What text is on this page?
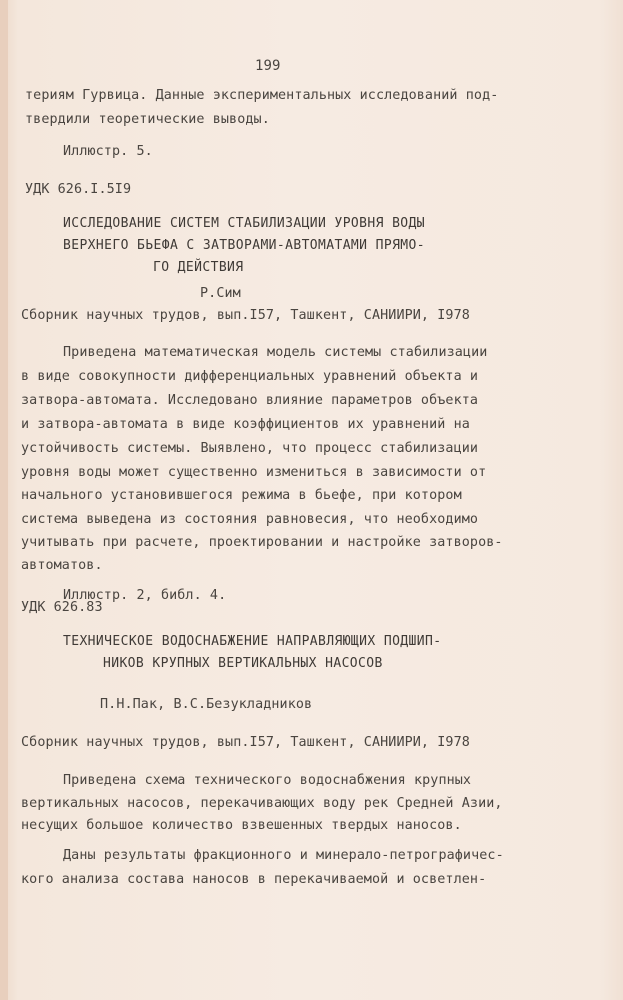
199
териям Гурвица. Данные экспериментальных исследований под-
твердили теоретические выводы.
Иллюстр. 5.
УДК 626.I.5I9
ИССЛЕДОВАНИЕ СИСТЕМ СТАБИЛИЗАЦИИ УРОВНЯ ВОДЫ
ВЕРХНЕГО БЬЕФА С ЗАТВОРАМИ-АВТОМАТАМИ ПРЯМО-
ГО ДЕЙСТВИЯ
Р.Сим
Сборник научных трудов, вып.I57, Ташкент, САНИИРИ, I978
Приведена математическая модель системы стабилизации
в виде совокупности дифференциальных уравнений объекта и
затвора-автомата. Исследовано влияние параметров объекта
и затвора-автомата в виде коэффициентов их уравнений на
устойчивость системы. Выявлено, что процесс стабилизации
уровня воды может существенно измениться в зависимости от
начального установившегося режима в бьефе, при котором
система выведена из состояния равновесия, что необходимо
учитывать при расчете, проектировании и настройке затворов-
автоматов.
Иллюстр. 2, библ. 4.
УДК 626.83
ТЕХНИЧЕСКОЕ ВОДОСНАБЖЕНИЕ НАПРАВЛЯЮЩИХ ПОДШИП-
НИКОВ КРУПНЫХ ВЕРТИКАЛЬНЫХ НАСОСОВ
П.Н.Пак, В.С.Безукладников
Сборник научных трудов, вып.I57, Ташкент, САНИИРИ, I978
Приведена схема технического водоснабжения крупных
вертикальных насосов, перекачивающих воду рек Средней Азии,
несущих большое количество взвешенных твердых наносов.
Даны результаты фракционного и минерало-петрографичес-
кого анализа состава наносов в перекачиваемой и осветлен-
